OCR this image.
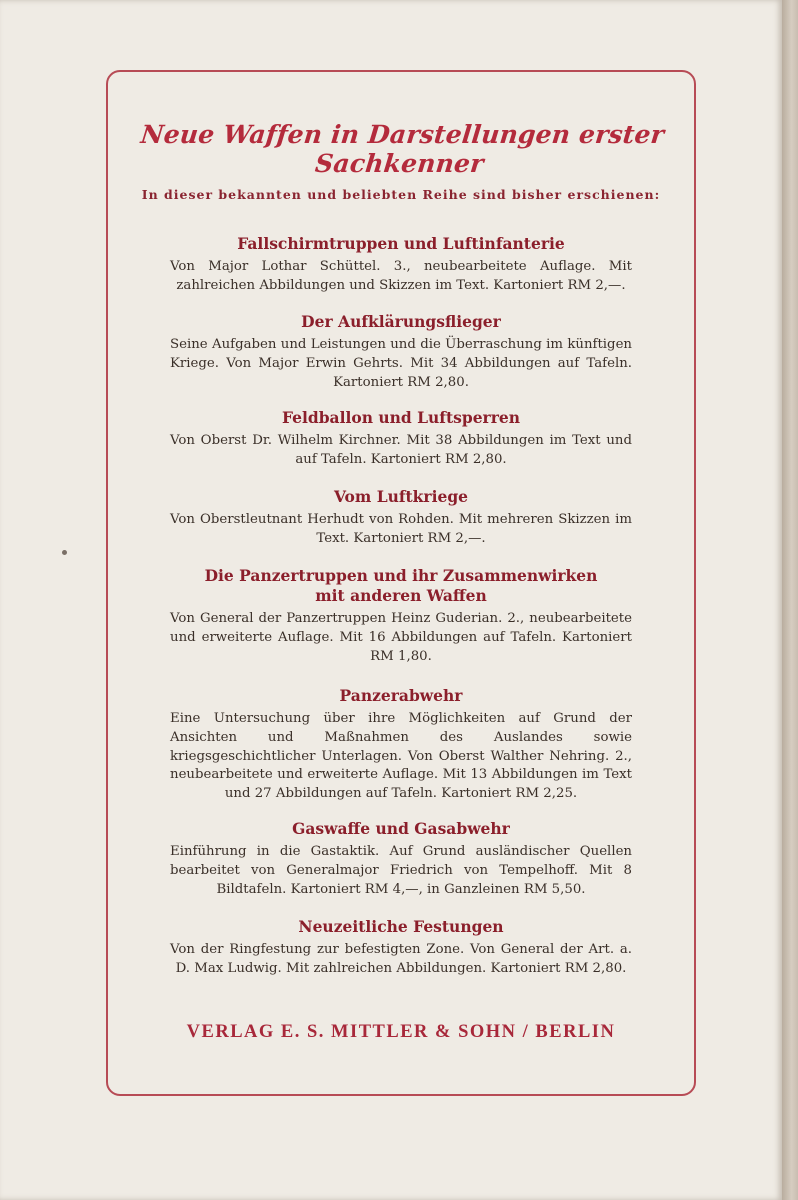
Neue Waffen in Darstellungen erster Sachkenner
In dieser bekannten und beliebten Reihe sind bisher erschienen:
Fallschirmtruppen und Luftinfanterie

Von Major Lothar Schüttel. 3., neubearbeitete Auflage. Mit zahlreichen Abbildungen und Skizzen im Text. Kartoniert RM 2,—.

Der Aufklärungsflieger

Seine Aufgaben und Leistungen und die Überraschung im künftigen Kriege. Von Major Erwin Gehrts. Mit 34 Abbildungen auf Tafeln. Kartoniert RM 2,80.

Feldballon und Luftsperren

Von Oberst Dr. Wilhelm Kirchner. Mit 38 Abbildungen im Text und auf Tafeln. Kartoniert RM 2,80.

Vom Luftkriege

Von Oberstleutnant Herhudt von Rohden. Mit mehreren Skizzen im Text. Kartoniert RM 2,—.

Die Panzertruppen und ihr Zusammenwirken mit anderen Waffen

Von General der Panzertruppen Heinz Guderian. 2., neubearbeitete und erweiterte Auflage. Mit 16 Abbildungen auf Tafeln. Kartoniert RM 1,80.

Panzerabwehr

Eine Untersuchung über ihre Möglichkeiten auf Grund der Ansichten und Maßnahmen des Auslandes sowie kriegsgeschichtlicher Unterlagen. Von Oberst Walther Nehring. 2., neubearbeitete und erweiterte Auflage. Mit 13 Abbildungen im Text und 27 Abbildungen auf Tafeln. Kartoniert RM 2,25.

Gaswaffe und Gasabwehr

Einführung in die Gastaktik. Auf Grund ausländischer Quellen bearbeitet von Generalmajor Friedrich von Tempelhoff. Mit 8 Bildtafeln. Kartoniert RM 4,—, in Ganzleinen RM 5,50.

Neuzeitliche Festungen

Von der Ringfestung zur befestigten Zone. Von General der Art. a. D. Max Ludwig. Mit zahlreichen Abbildungen. Kartoniert RM 2,80.

VERLAG E. S. MITTLER & SOHN / BERLIN
